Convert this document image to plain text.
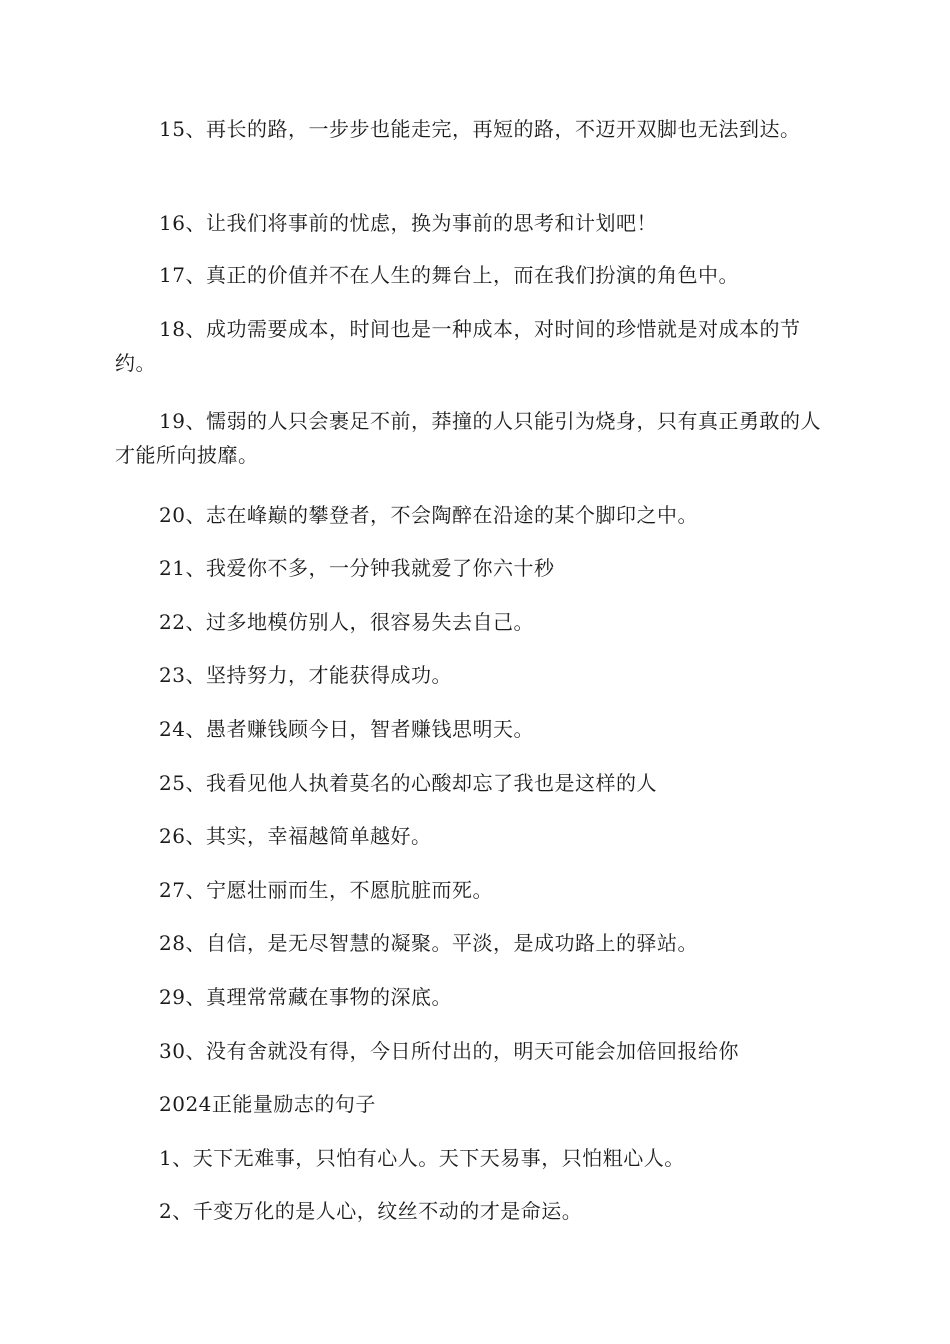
15、再长的路，一步步也能走完，再短的路，不迈开双脚也无法到达。

16、让我们将事前的忧虑，换为事前的思考和计划吧！

17、真正的价值并不在人生的舞台上，而在我们扮演的角色中。

18、成功需要成本，时间也是一种成本，对时间的珍惜就是对成本的节约。

19、懦弱的人只会裹足不前，莽撞的人只能引为烧身，只有真正勇敢的人才能所向披靡。

20、志在峰巅的攀登者，不会陶醉在沿途的某个脚印之中。

21、我爱你不多，一分钟我就爱了你六十秒

22、过多地模仿别人，很容易失去自己。

23、坚持努力，才能获得成功。

24、愚者赚钱顾今日，智者赚钱思明天。

25、我看见他人执着莫名的心酸却忘了我也是这样的人

26、其实，幸福越简单越好。

27、宁愿壮丽而生，不愿肮脏而死。

28、自信，是无尽智慧的凝聚。平淡，是成功路上的驿站。

29、真理常常藏在事物的深底。

30、没有舍就没有得，今日所付出的，明天可能会加倍回报给你

2024正能量励志的句子

1、天下无难事，只怕有心人。天下天易事，只怕粗心人。

2、千变万化的是人心，纹丝不动的才是命运。
